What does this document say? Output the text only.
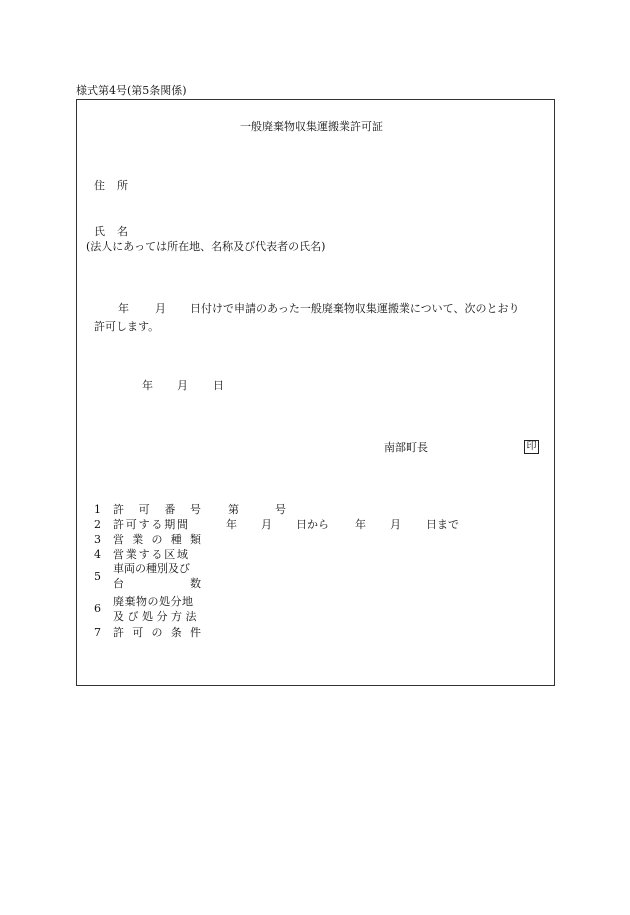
様式第4号(第5条関係)
一般廃棄物収集運搬業許可証
住 所
氏 名
(法人にあっては所在地、名称及び代表者の氏名)
年 月 日付けで申請のあった一般廃棄物収集運搬業について、次のとおり
許可します。
年 月 日
南部町長	印
1 許 可 番 号 第	号
2 許可する期間	年 月 日から 年 月 日まで
3 営 業 の 種 類
4 営業する区域
5
車両の種別及び
台	数
6
廃棄物の処分地
及び処分方法
7 許 可 の 条 件
